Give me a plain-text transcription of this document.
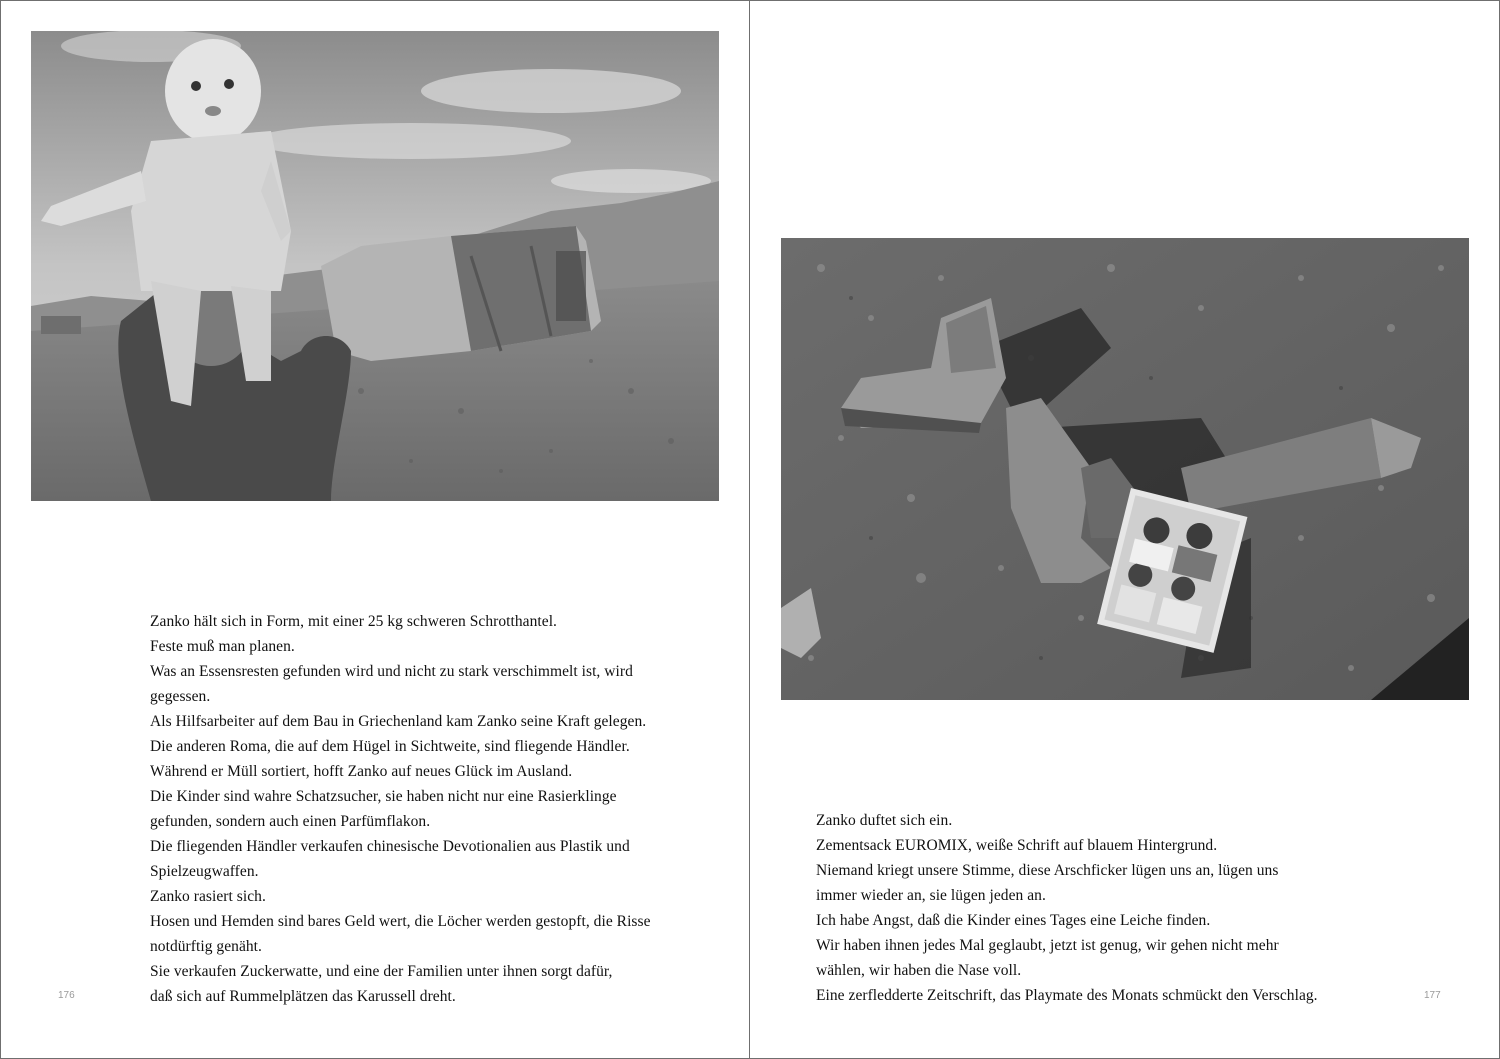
Zanko hält sich in Form, mit einer 25 kg schweren Schrotthantel.
Feste muß man planen.
Was an Essensresten gefunden wird und nicht zu stark verschimmelt ist, wird
gegessen.
Als Hilfsarbeiter auf dem Bau in Griechenland kam Zanko seine Kraft gelegen.
Die anderen Roma, die auf dem Hügel in Sichtweite, sind fliegende Händler.
Während er Müll sortiert, hofft Zanko auf neues Glück im Ausland.
Die Kinder sind wahre Schatzsucher, sie haben nicht nur eine Rasierklinge
gefunden, sondern auch einen Parfümflakon.
Die fliegenden Händler verkaufen chinesische Devotionalien aus Plastik und
Spielzeugwaffen.
Zanko rasiert sich.
Hosen und Hemden sind bares Geld wert, die Löcher werden gestopft, die Risse
notdürftig genäht.
Sie verkaufen Zuckerwatte, und eine der Familien unter ihnen sorgt dafür,
daß sich auf Rummelplätzen das Karussell dreht.
176
Zanko duftet sich ein.
Zementsack EUROMIX, weiße Schrift auf blauem Hintergrund.
Niemand kriegt unsere Stimme, diese Arschficker lügen uns an, lügen uns
immer wieder an, sie lügen jeden an.
Ich habe Angst, daß die Kinder eines Tages eine Leiche finden.
Wir haben ihnen jedes Mal geglaubt, jetzt ist genug, wir gehen nicht mehr
wählen, wir haben die Nase voll.
Eine zerfledderte Zeitschrift, das Playmate des Monats schmückt den Verschlag.	177
